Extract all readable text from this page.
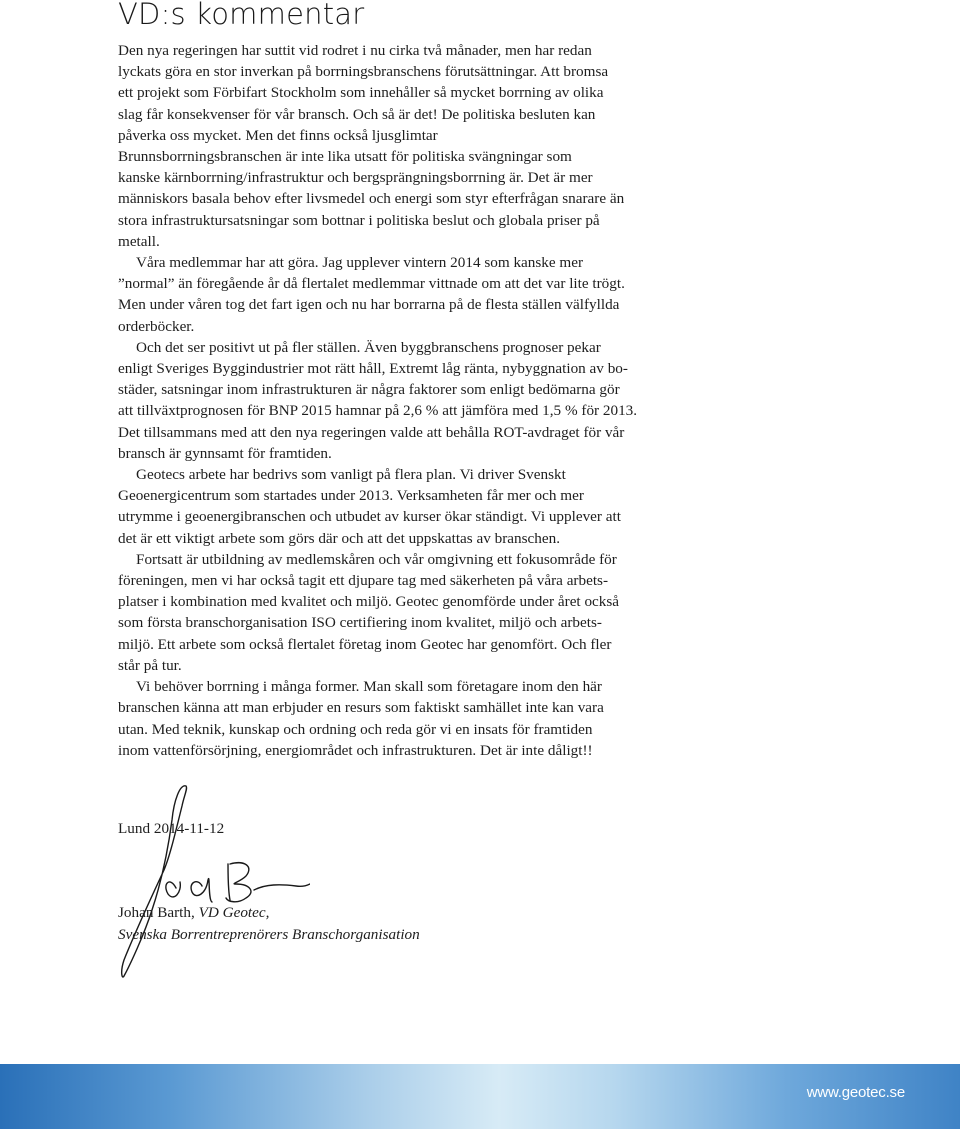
VD:s kommentar

Den nya regeringen har suttit vid rodret i nu cirka två månader, men har redan
lyckats göra en stor inverkan på borrningsbranschens förutsättningar. Att bromsa
ett projekt som Förbifart Stockholm som innehåller så mycket borrning av olika
slag får konsekvenser för vår bransch. Och så är det! De politiska besluten kan
påverka oss mycket. Men det finns också ljusglimtar

Brunnsborrningsbranschen är inte lika utsatt för politiska svängningar som
kanske kärnborrning/infrastruktur och bergsprängningsborrning är. Det är mer
människors basala behov efter livsmedel och energi som styr efterfrågan snarare än
stora infrastruktursatsningar som bottnar i politiska beslut och globala priser på
metall.

Våra medlemmar har att göra. Jag upplever vintern 2014 som kanske mer
”normal” än föregående år då flertalet medlemmar vittnade om att det var lite trögt.
Men under våren tog det fart igen och nu har borrarna på de flesta ställen välfyllda
orderböcker.

Och det ser positivt ut på fler ställen. Även byggbranschens prognoser pekar
enligt Sveriges Byggindustrier mot rätt håll, Extremt låg ränta, nybyggnation av bo-
städer, satsningar inom infrastrukturen är några faktorer som enligt bedömarna gör
att tillväxtprognosen för BNP 2015 hamnar på 2,6 % att jämföra med 1,5 % för 2013.
Det tillsammans med att den nya regeringen valde att behålla ROT-avdraget för vår
bransch är gynnsamt för framtiden.

Geotecs arbete har bedrivs som vanligt på flera plan. Vi driver Svenskt
Geoenergicentrum som startades under 2013. Verksamheten får mer och mer
utrymme i geoenergibranschen och utbudet av kurser ökar ständigt. Vi upplever att
det är ett viktigt arbete som görs där och att det uppskattas av branschen.

Fortsatt är utbildning av medlemskåren och vår omgivning ett fokusområde för
föreningen, men vi har också tagit ett djupare tag med säkerheten på våra arbets-
platser i kombination med kvalitet och miljö. Geotec genomförde under året också
som första branschorganisation ISO certifiering inom kvalitet, miljö och arbets-
miljö. Ett arbete som också flertalet företag inom Geotec har genomfört. Och fler
står på tur.

Vi behöver borrning i många former. Man skall som företagare inom den här
branschen känna att man erbjuder en resurs som faktiskt samhället inte kan vara
utan. Med teknik, kunskap och ordning och reda gör vi en insats för framtiden
inom vattenförsörjning, energiområdet och infrastrukturen. Det är inte dåligt!!

Lund 2014-11-12
Johan Barth, VD Geotec,
Svenska Borrentreprenörers Branschorganisation
www.geotec.se
